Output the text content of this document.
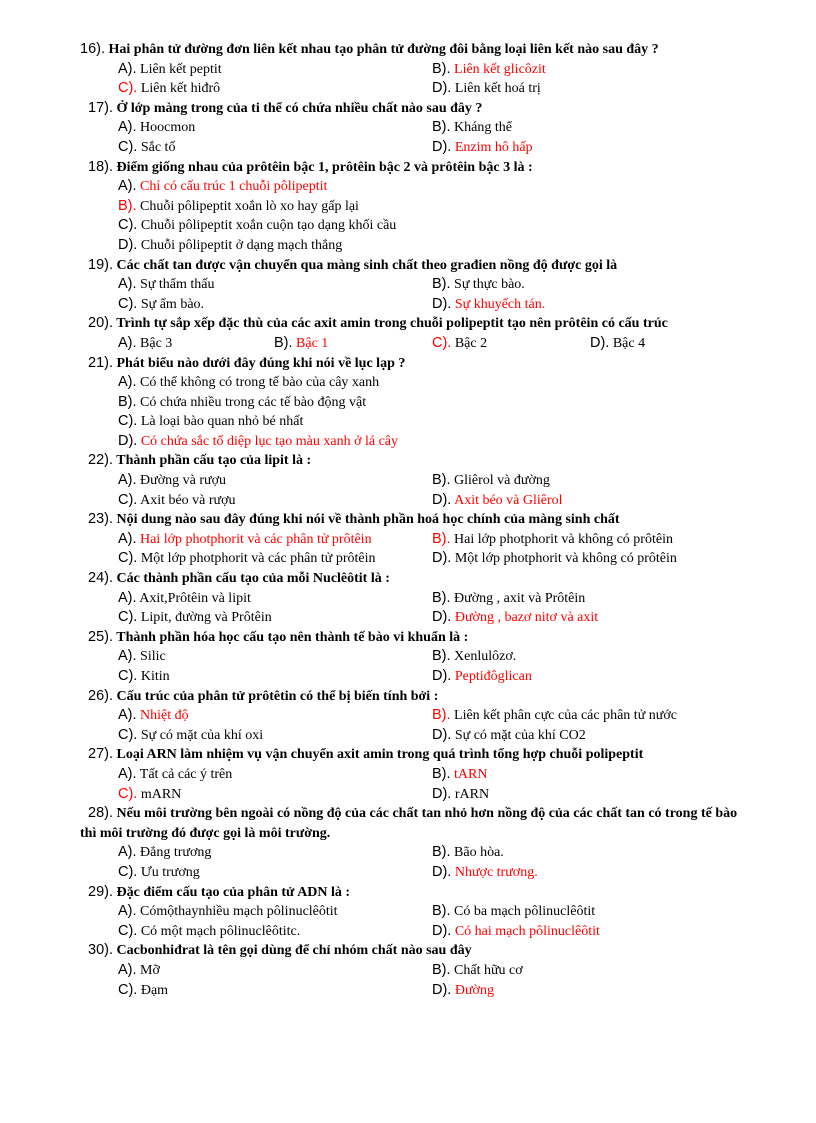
16). Hai phân tử đường đơn liên kết nhau tạo phân tử đường đôi bằng loại liên kết nào sau đây ?
A). Liên kết peptit	B). Liên kết glicôzit
C). Liên kết hiđrô	D). Liên kết hoá trị
17). Ở lớp màng trong của ti thể có chứa nhiều chất nào sau đây ?
A). Hoocmon	B). Kháng thể
C). Sắc tố	D). Enzim hô hấp
18). Điểm giống nhau của prôtêin bậc 1, prôtêin bậc 2 và prôtêin bậc 3 là :
A). Chỉ có cấu trúc 1 chuỗi pôlipeptit
B). Chuỗi pôlipeptit xoắn lò xo hay gấp lại
C). Chuỗi pôlipeptit xoắn cuộn tạo dạng khối cầu
D). Chuỗi pôlipeptit ở dạng mạch thẳng
19). Các chất tan được vận chuyển qua màng sinh chất theo građien nồng độ được gọi là
A). Sự thẩm thấu	B). Sự thực bào.
C). Sự ẩm bào.	D). Sự khuyếch tán.
20). Trình tự sắp xếp đặc thù của các axit amin trong chuỗi polipeptit tạo nên prôtêin có cấu trúc
A). Bậc 3	B). Bậc 1	C). Bậc 2	D). Bậc 4
21). Phát biểu nào dưới đây đúng khi nói về lục lạp ?
A). Có thể không có trong tế bào của cây xanh
B). Có chứa nhiều trong các tế bào động vật
C). Là loại bào quan nhỏ bé nhất
D). Có chứa sắc tố diệp lục tạo màu xanh ở lá cây
22). Thành phần cấu tạo của lipit là :
A). Đường và rượu	B). Gliêrol và đường
C). Axit béo và rượu	D). Axit béo và Gliêrol
23). Nội dung nào sau đây đúng khi nói về thành phần hoá học chính của màng sinh chất
A). Hai lớp photphorit và các phân tử prôtêin	B). Hai lớp photphorit và không có prôtêin
C). Một lớp photphorit và các phân tử prôtêin	D). Một lớp photphorit và không có prôtêin
24). Các thành phần cấu tạo của mỗi Nuclêôtit là :
A). Axit,Prôtêin và lipit	B). Đường , axit và Prôtêin
C). Lipit, đường và Prôtêin	D). Đường , bazơ nitơ và axit
25). Thành phần hóa học cấu tạo nên thành tế bào vi khuẩn là :
A). Silic	B). Xenlulôzơ.
C). Kitin	D). Peptiđôglican
26). Cấu trúc của phân tử prôtêtin có thể bị biến tính bởi :
A). Nhiệt độ	B). Liên kết phân cực của các phân tử nước
C). Sự có mặt của khí oxi	D). Sự có mặt của khí CO2
27). Loại ARN làm nhiệm vụ vận chuyển axit amin trong quá trình tổng hợp chuỗi polipeptit
A). Tất cả các ý trên	B). tARN
C). mARN	D). rARN
28). Nếu môi trường bên ngoài có nồng độ của các chất tan nhỏ hơn nồng độ của các chất tan có trong tế bào thì môi trường đó được gọi là môi trường.
A). Đẳng trương	B). Bão hòa.
C). Ưu trương	D). Nhược trương.
29). Đặc điểm cấu tạo của phân tử ADN là :
A). Cómộthaynhiều mạch pôlinuclêôtit	B). Có ba mạch pôlinuclêôtit
C). Có một mạch pôlinuclêôtitc.	D). Có hai mạch pôlinuclêôtit
30). Cacbonhiđrat là tên gọi dùng để chỉ nhóm chất nào sau đây
A). Mỡ	B). Chất hữu cơ
C). Đạm	D). Đường
